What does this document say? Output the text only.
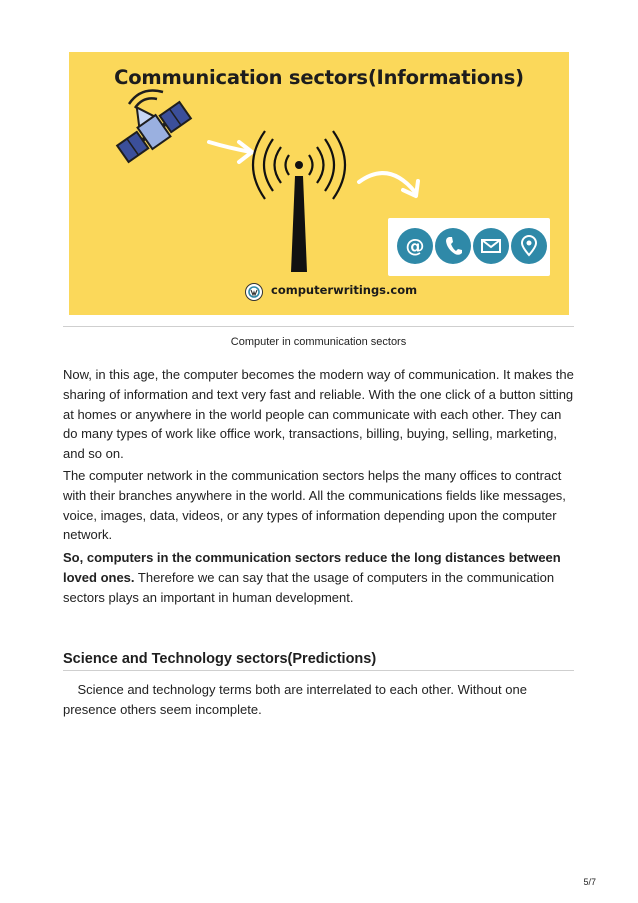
Communication sectors(Informations)
@
computerwritings.com
Computer in communication sectors

Now, in this age, the computer becomes the modern way of communication. It makes the sharing of information and text very fast and reliable. With the one click of a button sitting at homes or anywhere in the world people can communicate with each other. They can do many types of work like office work, transactions, billing, buying, selling, marketing, and so on.

The computer network in the communication sectors helps the many offices to contract with their branches anywhere in the world. All the communications fields like messages, voice, images, data, videos, or any types of information depending upon the computer network.

So, computers in the communication sectors reduce the long distances between loved ones. Therefore we can say that the usage of computers in the communication sectors plays an important in human development.

Science and Technology sectors(Predictions)

Science and technology terms both are interrelated to each other. Without one presence others seem incomplete.

5/7
